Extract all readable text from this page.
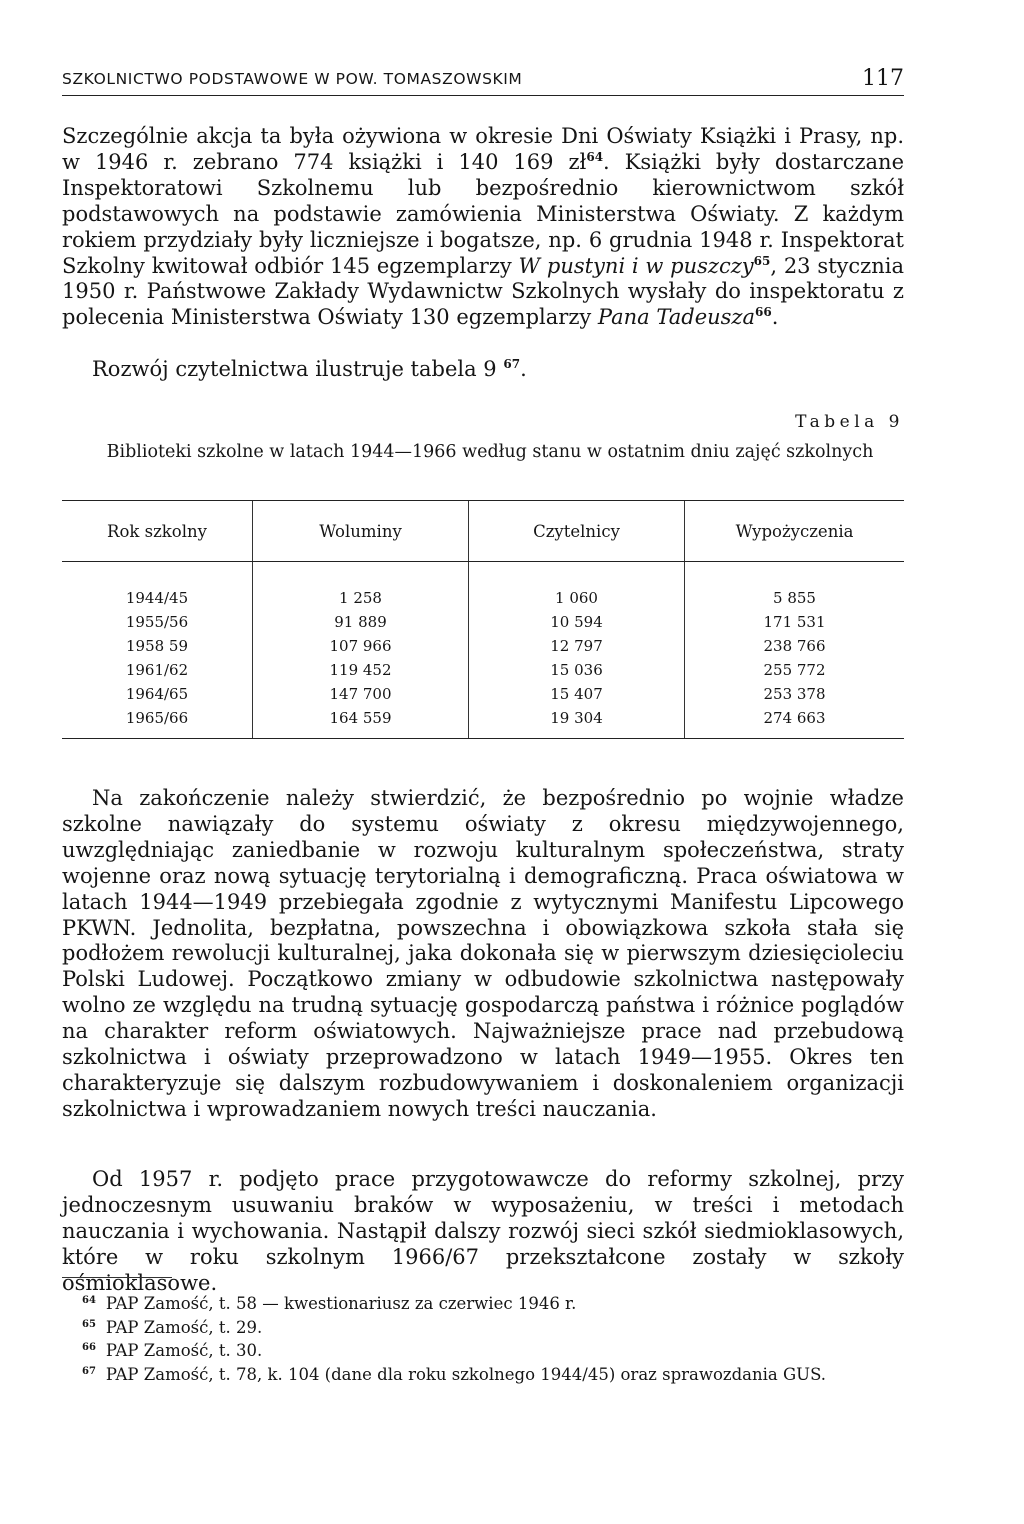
SZKOLNICTWO PODSTAWOWE W POW. TOMASZOWSKIM	117

Szczególnie akcja ta była ożywiona w okresie Dni Oświaty Książki i Prasy, np. w 1946 r. zebrano 774 książki i 140 169 $zł^{64}$. Książki były dostarczane Inspektoratowi Szkolnemu lub bezpośrednio kierownictwom szkół podstawowych na podstawie zamówienia Ministerstwa Oświaty. Z każdym rokiem przydziały były liczniejsze i bogatsze, np. 6 grudnia 1948 r. Inspektorat Szkolny kwitował odbiór 145 egzemplarzy W pustyni i w puszczy$^{65}$, 23 stycznia 1950 r. Państwowe Zakłady Wydawnictw Szkolnych wysłały do inspektoratu z polecenia Ministerstwa Oświaty 130 egzemplarzy Pana Tadeusza$^{66}$.

Rozwój czytelnictwa ilustruje tabela 9 $^{67}$.

Tabela 9
Biblioteki szkolne w latach 1944—1966 według stanu w ostatnim dniu zajęć szkolnych
Rok szkolny	Woluminy	Czytelnicy	Wypożyczenia

1944/45	1 258	1 060	5 855
1955/56	91 889	10 594	171 531
1958 59	107 966	12 797	238 766
1961/62	119 452	15 036	255 772
1964/65	147 700	15 407	253 378
1965/66	164 559	19 304	274 663

Na zakończenie należy stwierdzić, że bezpośrednio po wojnie władze szkolne nawiązały do systemu oświaty z okresu międzywojennego, uwzględniając zaniedbanie w rozwoju kulturalnym społeczeństwa, straty wojenne oraz nową sytuację terytorialną i demograficzną. Praca oświatowa w latach 1944—1949 przebiegała zgodnie z wytycznymi Manifestu Lipcowego PKWN. Jednolita, bezpłatna, powszechna i obowiązkowa szkoła stała się podłożem rewolucji kulturalnej, jaka dokonała się w pierwszym dziesięcioleciu Polski Ludowej. Początkowo zmiany w odbudowie szkolnictwa następowały wolno ze względu na trudną sytuację gospodarczą państwa i różnice poglądów na charakter reform oświatowych. Najważniejsze prace nad przebudową szkolnictwa i oświaty przeprowadzono w latach 1949—1955. Okres ten charakteryzuje się dalszym rozbudowywaniem i doskonaleniem organizacji szkolnictwa i wprowadzaniem nowych treści nauczania.

Od 1957 r. podjęto prace przygotowawcze do reformy szkolnej, przy jednoczesnym usuwaniu braków w wyposażeniu, w treści i metodach nauczania i wychowania. Nastąpił dalszy rozwój sieci szkół siedmioklasowych, które w roku szkolnym 1966/67 przekształcone zostały w szkoły ośmioklasowe.

$^{64}$ PAP Zamość, t. 58 — kwestionariusz za czerwiec 1946 r.
$^{65}$ PAP Zamość, t. 29.
$^{66}$ PAP Zamość, t. 30.
$^{67}$ PAP Zamość, t. 78, k. 104 (dane dla roku szkolnego 1944/45) oraz sprawozdania GUS.
